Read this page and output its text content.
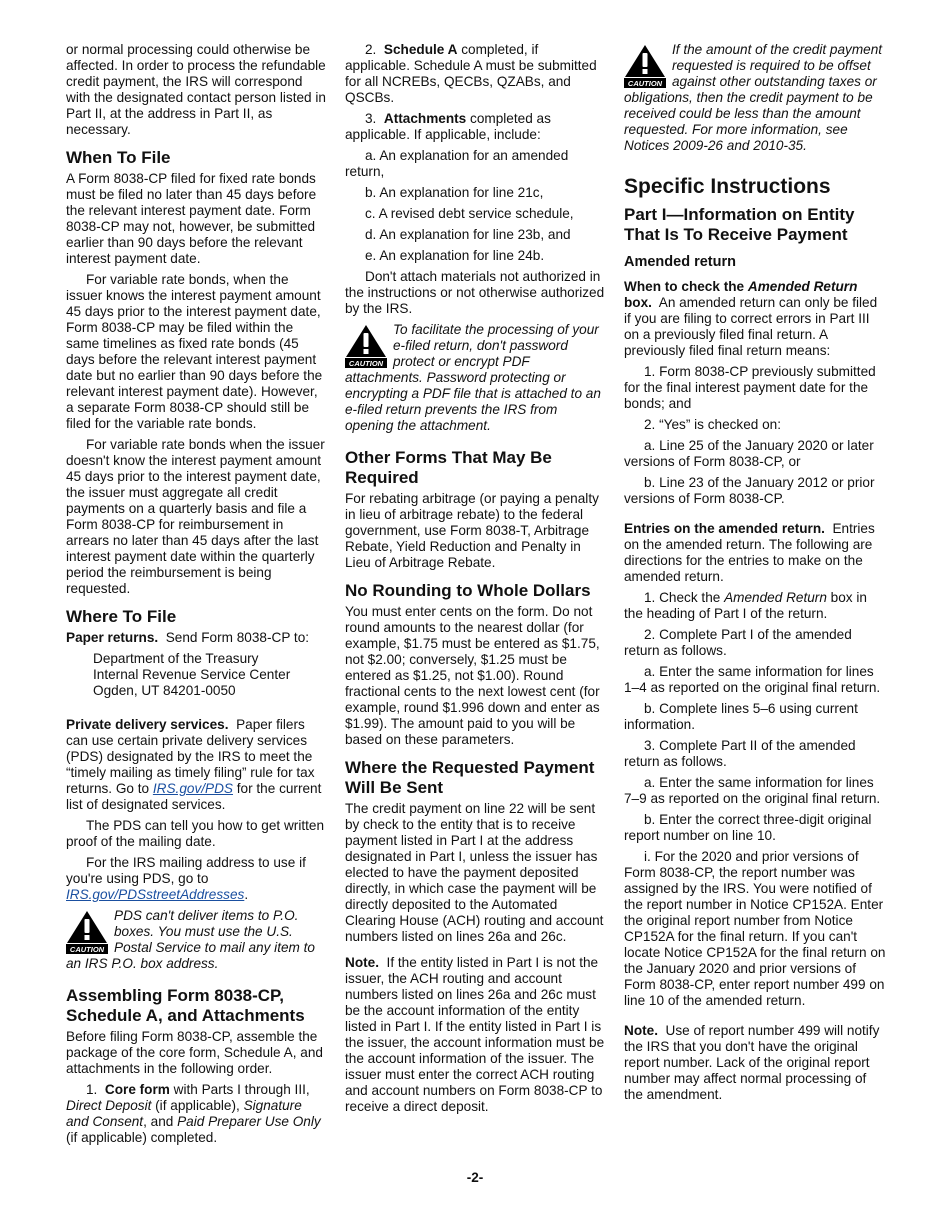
or normal processing could otherwise be affected. In order to process the refundable credit payment, the IRS will correspond with the designated contact person listed in Part II, at the address in Part II, as necessary.

When To File

A Form 8038-CP filed for fixed rate bonds must be filed no later than 45 days before the relevant interest payment date. Form 8038-CP may not, however, be submitted earlier than 90 days before the relevant interest payment date.

For variable rate bonds, when the issuer knows the interest payment amount 45 days prior to the interest payment date, Form 8038-CP may be filed within the same timelines as fixed rate bonds (45 days before the relevant interest payment date but no earlier than 90 days before the relevant interest payment date). However, a separate Form 8038-CP should still be filed for the variable rate bonds.

For variable rate bonds when the issuer doesn't know the interest payment amount 45 days prior to the interest payment date, the issuer must aggregate all credit payments on a quarterly basis and file a Form 8038-CP for reimbursement in arrears no later than 45 days after the last interest payment date within the quarterly period the reimbursement is being requested.

Where To File

Paper returns. Send Form 8038-CP to:

Department of the Treasury
Internal Revenue Service Center
Ogden, UT 84201-0050

Private delivery services. Paper filers can use certain private delivery services (PDS) designated by the IRS to meet the “timely mailing as timely filing” rule for tax returns. Go to IRS.gov/PDS for the current list of designated services.

The PDS can tell you how to get written proof of the mailing date.

For the IRS mailing address to use if you're using PDS, go to IRS.gov/PDSstreetAddresses.

CAUTION
PDS can't deliver items to P.O. boxes. You must use the U.S. Postal Service to mail any item to an IRS P.O. box address.
Assembling Form 8038-CP, Schedule A, and Attachments

Before filing Form 8038-CP, assemble the package of the core form, Schedule A, and attachments in the following order.

1. Core form with Parts I through III, Direct Deposit (if applicable), Signature and Consent, and Paid Preparer Use Only (if applicable) completed.

2. Schedule A completed, if applicable. Schedule A must be submitted for all NCREBs, QECBs, QZABs, and QSCBs.

3. Attachments completed as applicable. If applicable, include:

a. An explanation for an amended return,

b. An explanation for line 21c,

c. A revised debt service schedule,

d. An explanation for line 23b, and

e. An explanation for line 24b.

Don't attach materials not authorized in the instructions or not otherwise authorized by the IRS.

CAUTION
To facilitate the processing of your e-filed return, don't password protect or encrypt PDF attachments. Password protecting or encrypting a PDF file that is attached to an e-filed return prevents the IRS from opening the attachment.
Other Forms That May Be Required

For rebating arbitrage (or paying a penalty in lieu of arbitrage rebate) to the federal government, use Form 8038-T, Arbitrage Rebate, Yield Reduction and Penalty in Lieu of Arbitrage Rebate.

No Rounding to Whole Dollars

You must enter cents on the form. Do not round amounts to the nearest dollar (for example, $1.75 must be entered as $1.75, not $2.00; conversely, $1.25 must be entered as $1.25, not $1.00). Round fractional cents to the next lowest cent (for example, round $1.996 down and enter as $1.99). The amount paid to you will be based on these parameters.

Where the Requested Payment Will Be Sent

The credit payment on line 22 will be sent by check to the entity that is to receive payment listed in Part I at the address designated in Part I, unless the issuer has elected to have the payment deposited directly, in which case the payment will be directly deposited to the Automated Clearing House (ACH) routing and account numbers listed on lines 26a and 26c.

Note. If the entity listed in Part I is not the issuer, the ACH routing and account numbers listed on lines 26a and 26c must be the account information of the entity listed in Part I. If the entity listed in Part I is the issuer, the account information must be the account information of the issuer. The issuer must enter the correct ACH routing and account numbers on Form 8038-CP to receive a direct deposit.

CAUTION
If the amount of the credit payment requested is required to be offset against other outstanding taxes or obligations, then the credit payment to be received could be less than the amount requested. For more information, see Notices 2009-26 and 2010-35.
Specific Instructions
Part I—Information on Entity That Is To Receive Payment
Amended return

When to check the Amended Return box. An amended return can only be filed if you are filing to correct errors in Part III on a previously filed final return. A previously filed final return means:

1. Form 8038-CP previously submitted for the final interest payment date for the bonds; and

2. “Yes” is checked on:

a. Line 25 of the January 2020 or later versions of Form 8038-CP, or

b. Line 23 of the January 2012 or prior versions of Form 8038-CP.

Entries on the amended return. Entries on the amended return. The following are directions for the entries to make on the amended return.

1. Check the Amended Return box in the heading of Part I of the return.

2. Complete Part I of the amended return as follows.

a. Enter the same information for lines 1–4 as reported on the original final return.

b. Complete lines 5–6 using current information.

3. Complete Part II of the amended return as follows.

a. Enter the same information for lines 7–9 as reported on the original final return.

b. Enter the correct three-digit original report number on line 10.

i. For the 2020 and prior versions of Form 8038-CP, the report number was assigned by the IRS. You were notified of the report number in Notice CP152A. Enter the original report number from Notice CP152A for the final return. If you can't locate Notice CP152A for the final return on the January 2020 and prior versions of Form 8038-CP, enter report number 499 on line 10 of the amended return.

Note. Use of report number 499 will notify the IRS that you don't have the original report number. Lack of the original report number may affect normal processing of the amendment.

-2-
